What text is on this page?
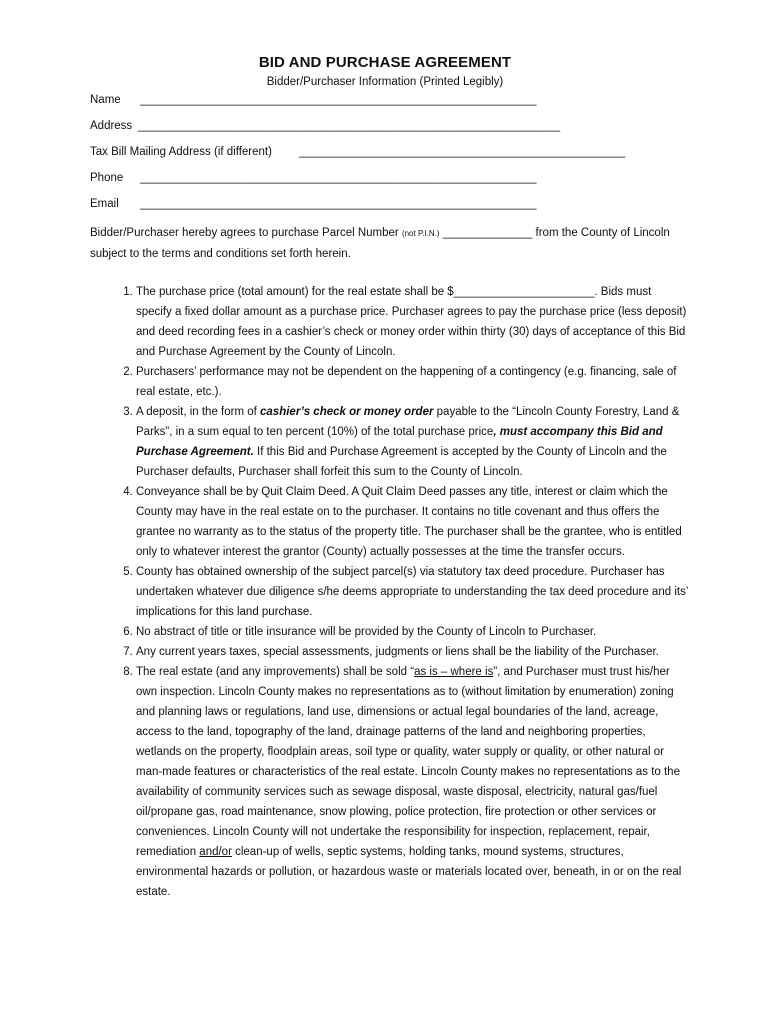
BID AND PURCHASE AGREEMENT
Bidder/Purchaser Information (Printed Legibly)
Name ______________________________________________________________
Address __________________________________________________________________
Tax Bill Mailing Address (if different) ___________________________________________________
Phone ______________________________________________________________
Email ______________________________________________________________
Bidder/Purchaser hereby agrees to purchase Parcel Number (not P.I.N.) ______________ from the County of Lincoln subject to the terms and conditions set forth herein.
1. The purchase price (total amount) for the real estate shall be $______________________. Bids must specify a fixed dollar amount as a purchase price. Purchaser agrees to pay the purchase price (less deposit) and deed recording fees in a cashier’s check or money order within thirty (30) days of acceptance of this Bid and Purchase Agreement by the County of Lincoln.
2. Purchasers’ performance may not be dependent on the happening of a contingency (e.g. financing, sale of real estate, etc.).
3. A deposit, in the form of cashier’s check or money order payable to the “Lincoln County Forestry, Land & Parks”, in a sum equal to ten percent (10%) of the total purchase price, must accompany this Bid and Purchase Agreement. If this Bid and Purchase Agreement is accepted by the County of Lincoln and the Purchaser defaults, Purchaser shall forfeit this sum to the County of Lincoln.
4. Conveyance shall be by Quit Claim Deed. A Quit Claim Deed passes any title, interest or claim which the County may have in the real estate on to the purchaser. It contains no title covenant and thus offers the grantee no warranty as to the status of the property title. The purchaser shall be the grantee, who is entitled only to whatever interest the grantor (County) actually possesses at the time the transfer occurs.
5. County has obtained ownership of the subject parcel(s) via statutory tax deed procedure. Purchaser has undertaken whatever due diligence s/he deems appropriate to understanding the tax deed procedure and its’ implications for this land purchase.
6. No abstract of title or title insurance will be provided by the County of Lincoln to Purchaser.
7. Any current years taxes, special assessments, judgments or liens shall be the liability of the Purchaser.
8. The real estate (and any improvements) shall be sold “as is – where is”, and Purchaser must trust his/her own inspection. Lincoln County makes no representations as to (without limitation by enumeration) zoning and planning laws or regulations, land use, dimensions or actual legal boundaries of the land, acreage, access to the land, topography of the land, drainage patterns of the land and neighboring properties, wetlands on the property, floodplain areas, soil type or quality, water supply or quality, or other natural or man-made features or characteristics of the real estate. Lincoln County makes no representations as to the availability of community services such as sewage disposal, waste disposal, electricity, natural gas/fuel oil/propane gas, road maintenance, snow plowing, police protection, fire protection or other services or conveniences. Lincoln County will not undertake the responsibility for inspection, replacement, repair, remediation and/or clean-up of wells, septic systems, holding tanks, mound systems, structures, environmental hazards or pollution, or hazardous waste or materials located over, beneath, in or on the real estate.
